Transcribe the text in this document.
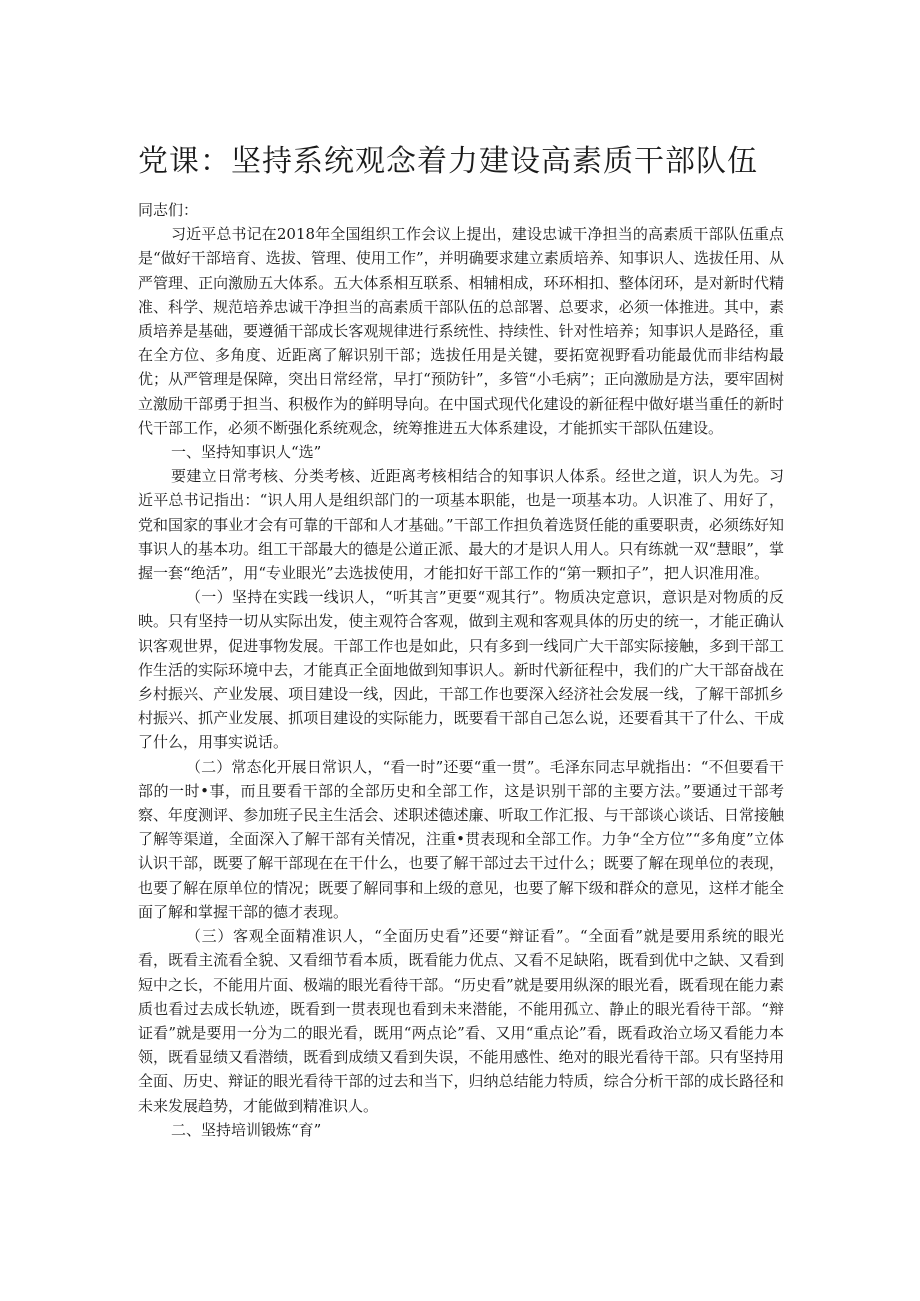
党课：坚持系统观念着力建设高素质干部队伍

同志们：

习近平总书记在2018年全国组织工作会议上提出，建设忠诚干净担当的高素质干部队伍重点是“做好干部培育、选拔、管理、使用工作”，并明确要求建立素质培养、知事识人、选拔任用、从严管理、正向激励五大体系。五大体系相互联系、相辅相成，环环相扣、整体闭环，是对新时代精准、科学、规范培养忠诚干净担当的高素质干部队伍的总部署、总要求，必须一体推进。其中，素质培养是基础，要遵循干部成长客观规律进行系统性、持续性、针对性培养；知事识人是路径，重在全方位、多角度、近距离了解识别干部；选拔任用是关键，要拓宽视野看功能最优而非结构最优；从严管理是保障，突出日常经常，早打“预防针”，多管“小毛病”；正向激励是方法，要牢固树立激励干部勇于担当、积极作为的鲜明导向。在中国式现代化建设的新征程中做好堪当重任的新时代干部工作，必须不断强化系统观念，统筹推进五大体系建设，才能抓实干部队伍建设。

一、坚持知事识人“选”

要建立日常考核、分类考核、近距离考核相结合的知事识人体系。经世之道，识人为先。习近平总书记指出：“识人用人是组织部门的一项基本职能，也是一项基本功。人识准了、用好了，党和国家的事业才会有可靠的干部和人才基础。”干部工作担负着选贤任能的重要职责，必须练好知事识人的基本功。组工干部最大的德是公道正派、最大的才是识人用人。只有练就一双“慧眼”，掌握一套“绝活”，用“专业眼光”去选拔使用，才能扣好干部工作的“第一颗扣子”，把人识准用准。

（一）坚持在实践一线识人，“听其言”更要“观其行”。物质决定意识，意识是对物质的反映。只有坚持一切从实际出发，使主观符合客观，做到主观和客观具体的历史的统一，才能正确认识客观世界，促进事物发展。干部工作也是如此，只有多到一线同广大干部实际接触，多到干部工作生活的实际环境中去，才能真正全面地做到知事识人。新时代新征程中，我们的广大干部奋战在乡村振兴、产业发展、项目建设一线，因此，干部工作也要深入经济社会发展一线，了解干部抓乡村振兴、抓产业发展、抓项目建设的实际能力，既要看干部自己怎么说，还要看其干了什么、干成了什么，用事实说话。

（二）常态化开展日常识人，“看一时”还要“重一贯”。毛泽东同志早就指出：“不但要看干部的一时•事，而且要看干部的全部历史和全部工作，这是识别干部的主要方法。”要通过干部考察、年度测评、参加班子民主生活会、述职述德述廉、听取工作汇报、与干部谈心谈话、日常接触了解等渠道，全面深入了解干部有关情况，注重•贯表现和全部工作。力争“全方位”“多角度”立体认识干部，既要了解干部现在在干什么，也要了解干部过去干过什么；既要了解在现单位的表现，也要了解在原单位的情况；既要了解同事和上级的意见，也要了解下级和群众的意见，这样才能全面了解和掌握干部的德才表现。

（三）客观全面精准识人，“全面历史看”还要“辩证看”。“全面看”就是要用系统的眼光看，既看主流看全貌、又看细节看本质，既看能力优点、又看不足缺陷，既看到优中之缺、又看到短中之长，不能用片面、极端的眼光看待干部。“历史看”就是要用纵深的眼光看，既看现在能力素质也看过去成长轨迹，既看到一贯表现也看到未来潜能，不能用孤立、静止的眼光看待干部。“辩证看”就是要用一分为二的眼光看，既用“两点论”看、又用“重点论”看，既看政治立场又看能力本领，既看显绩又看潜绩，既看到成绩又看到失误，不能用感性、绝对的眼光看待干部。只有坚持用全面、历史、辩证的眼光看待干部的过去和当下，归纳总结能力特质，综合分析干部的成长路径和未来发展趋势，才能做到精准识人。

二、坚持培训锻炼“育”
